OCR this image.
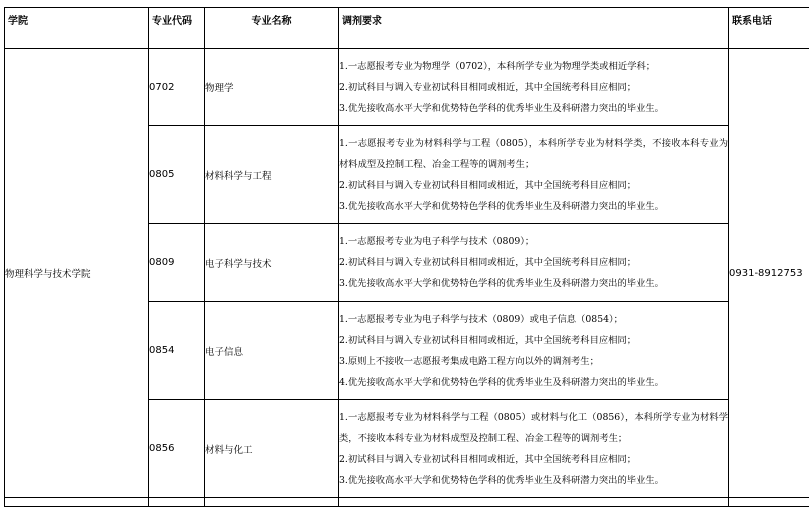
学院	专业代码	专业名称	调剂要求	联系电话
物理科学与技术学院	0702	物理学	1.一志愿报考专业为物理学（0702），本科所学专业为物理学类或相近学科；
2.初试科目与调入专业初试科目相同或相近，其中全国统考科目应相同；
3.优先接收高水平大学和优势特色学科的优秀毕业生及科研潜力突出的毕业生。	0931-8912753
	0805	材料科学与工程	1.一志愿报考专业为材料科学与工程（0805），本科所学专业为材料学类，不接收本科专业为材料成型及控制工程、冶金工程等的调剂考生；
2.初试科目与调入专业初试科目相同或相近，其中全国统考科目应相同；
3.优先接收高水平大学和优势特色学科的优秀毕业生及科研潜力突出的毕业生。	

	0809	电子科学与技术	1.一志愿报考专业为电子科学与技术（0809）；
2.初试科目与调入专业初试科目相同或相近，其中全国统考科目应相同；
3.优先接收高水平大学和优势特色学科的优秀毕业生及科研潜力突出的毕业生。	

	0854	电子信息	1.一志愿报考专业为电子科学与技术（0809）或电子信息（0854）；
2.初试科目与调入专业初试科目相同或相近，其中全国统考科目应相同；
3.原则上不接收一志愿报考集成电路工程方向以外的调剂考生；
4.优先接收高水平大学和优势特色学科的优秀毕业生及科研潜力突出的毕业生。	

	0856	材料与化工	1.一志愿报考专业为材料科学与工程（0805）或材料与化工（0856），本科所学专业为材料学类，不接收本科专业为材料成型及控制工程、冶金工程等的调剂考生；
2.初试科目与调入专业初试科目相同或相近，其中全国统考科目应相同；
3.优先接收高水平大学和优势特色学科的优秀毕业生及科研潜力突出的毕业生。	
